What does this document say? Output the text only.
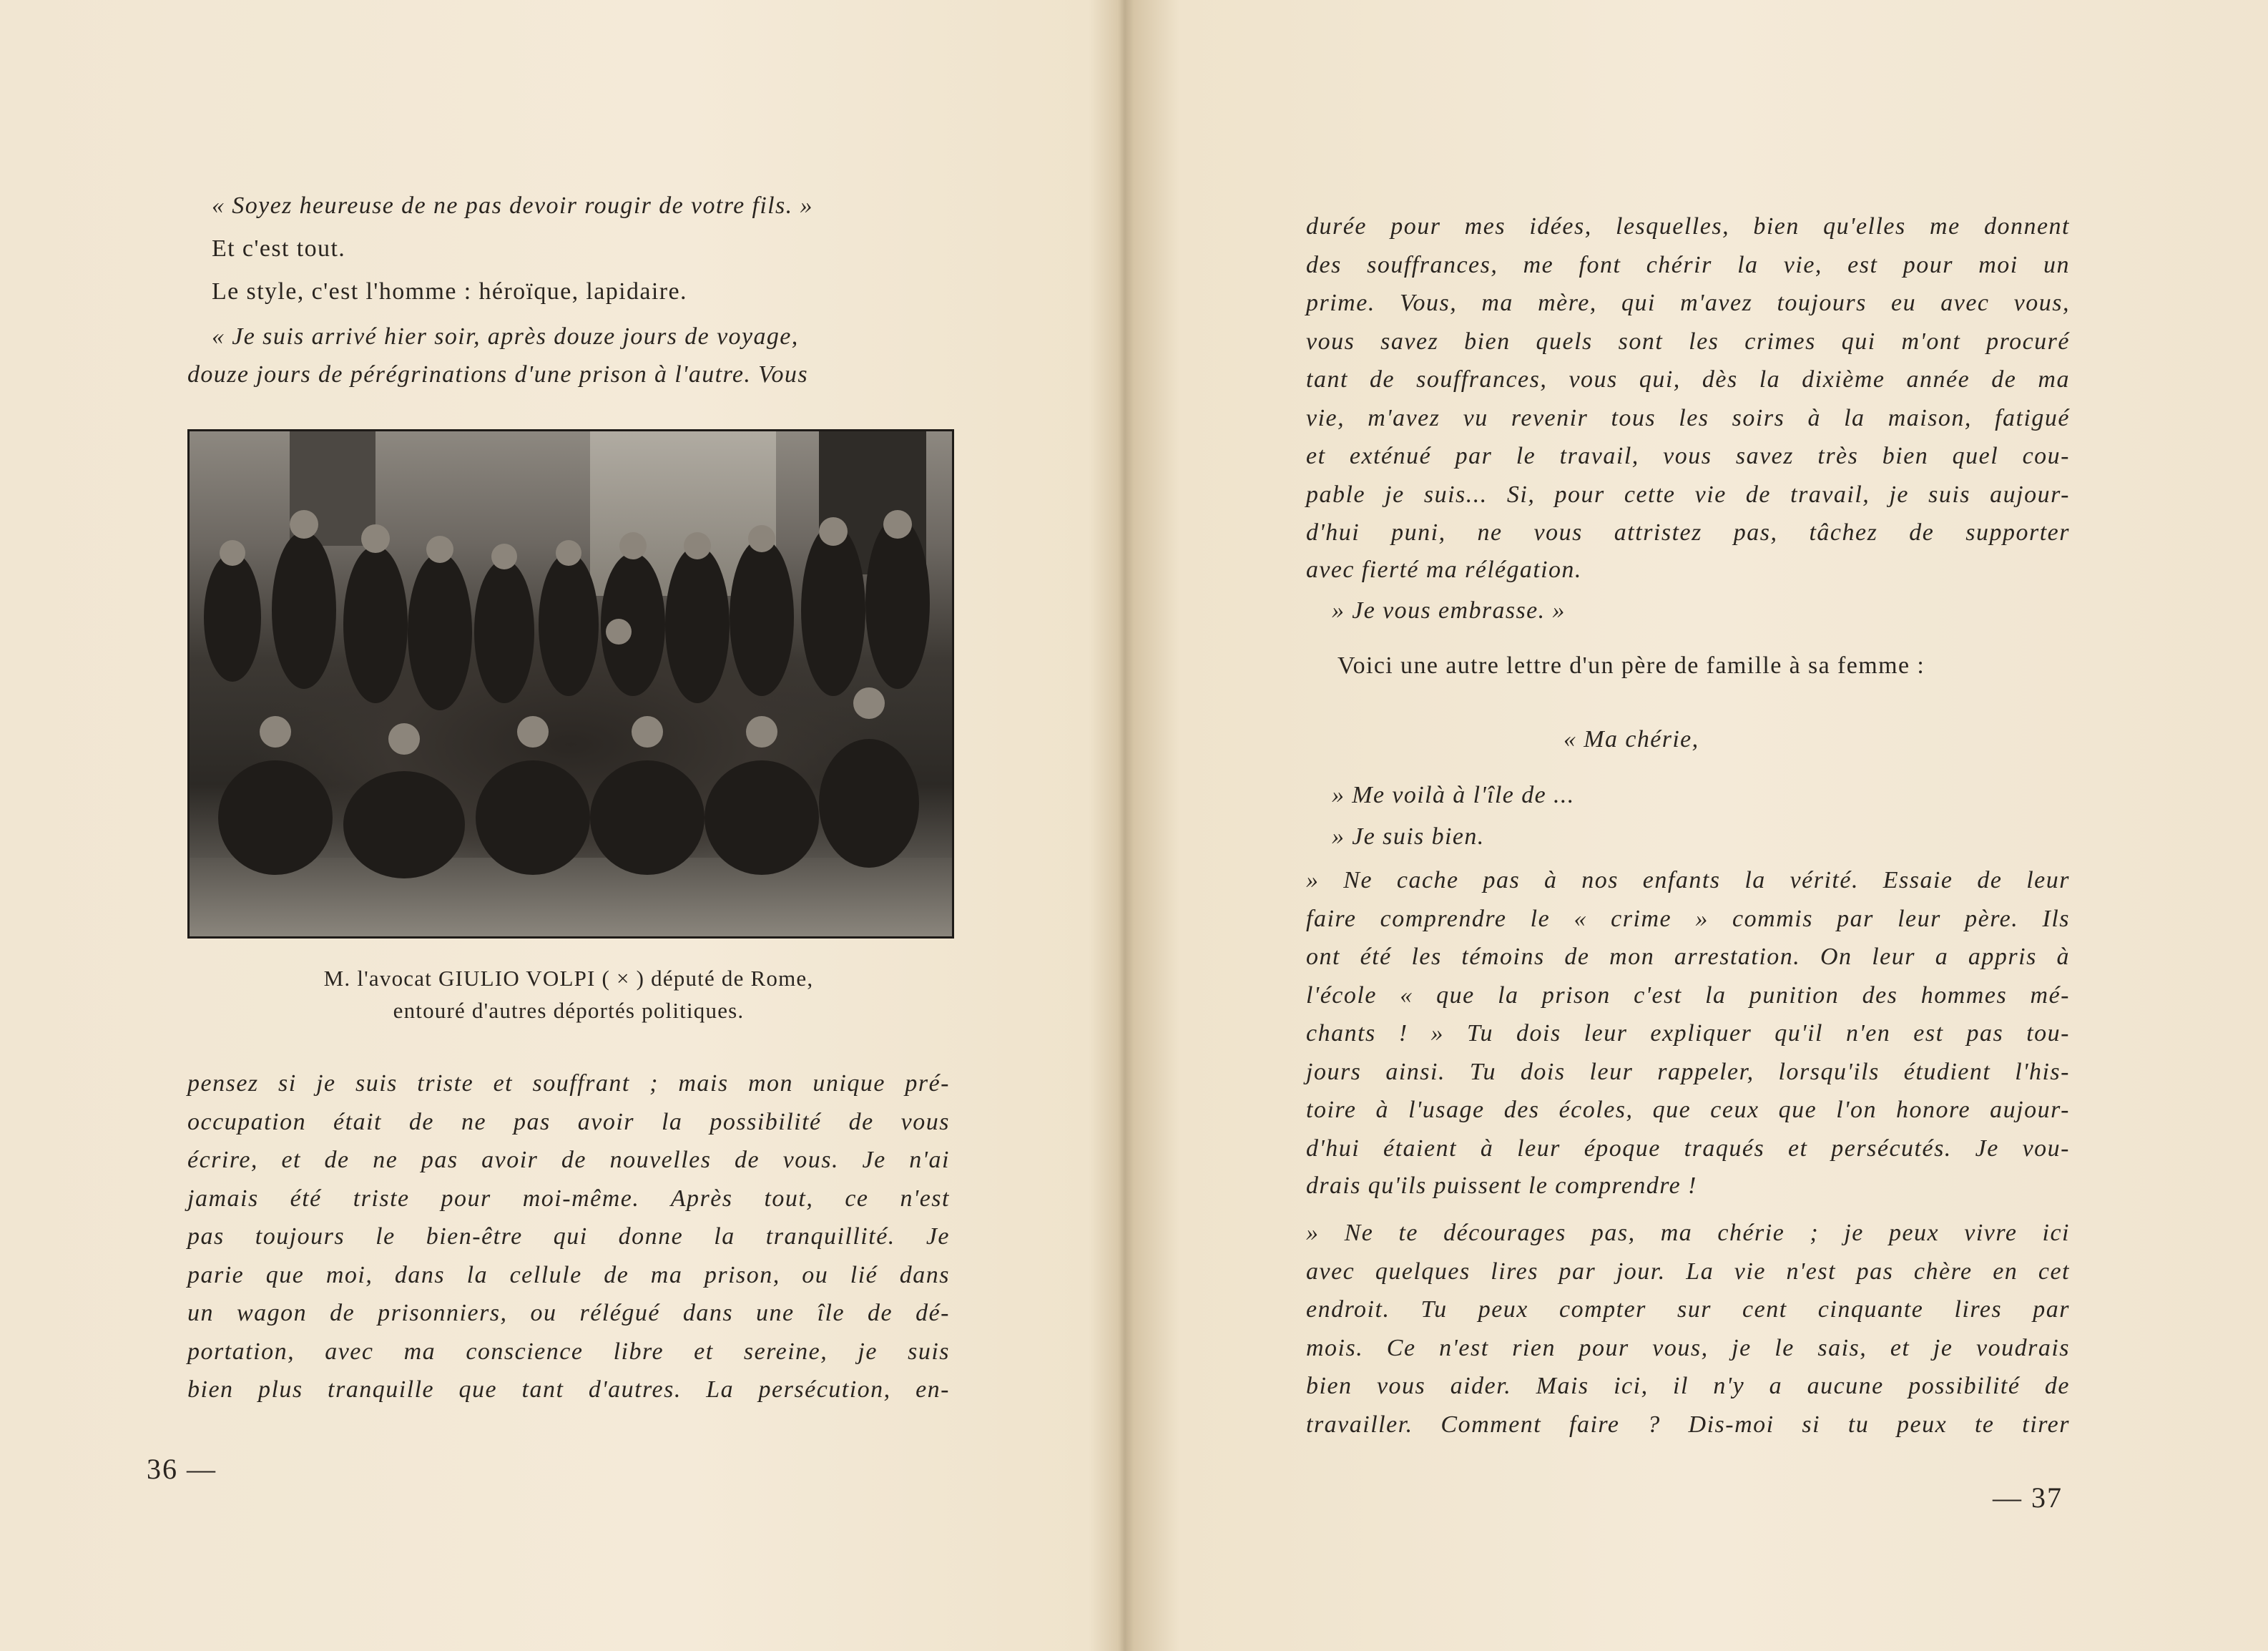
« Soyez heureuse de ne pas devoir rougir de votre fils. »
Et c'est tout.
Le style, c'est l'homme : héroïque, lapidaire.
« Je suis arrivé hier soir, après douze jours de voyage,
douze jours de pérégrinations d'une prison à l'autre. Vous
M. l'avocat GIULIO VOLPI ( × ) député de Rome,
entouré d'autres déportés politiques.
pensez si je suis triste et souffrant ; mais mon unique pré-
occupation était de ne pas avoir la possibilité de vous
écrire, et de ne pas avoir de nouvelles de vous. Je n'ai
jamais été triste pour moi-même. Après tout, ce n'est
pas toujours le bien-être qui donne la tranquillité. Je
parie que moi, dans la cellule de ma prison, ou lié dans
un wagon de prisonniers, ou rélégué dans une île de dé-
portation, avec ma conscience libre et sereine, je suis
bien plus tranquille que tant d'autres. La persécution, en-
36 —
durée pour mes idées, lesquelles, bien qu'elles me donnent
des souffrances, me font chérir la vie, est pour moi un
prime. Vous, ma mère, qui m'avez toujours eu avec vous,
vous savez bien quels sont les crimes qui m'ont procuré
tant de souffrances, vous qui, dès la dixième année de ma
vie, m'avez vu revenir tous les soirs à la maison, fatigué
et exténué par le travail, vous savez très bien quel cou-
pable je suis... Si, pour cette vie de travail, je suis aujour-
d'hui puni, ne vous attristez pas, tâchez de supporter
avec fierté ma rélégation.
» Je vous embrasse. »
Voici une autre lettre d'un père de famille à sa femme :
« Ma chérie,
» Me voilà à l'île de ...
» Je suis bien.
» Ne cache pas à nos enfants la vérité. Essaie de leur
faire comprendre le « crime » commis par leur père. Ils
ont été les témoins de mon arrestation. On leur a appris à
l'école « que la prison c'est la punition des hommes mé-
chants ! » Tu dois leur expliquer qu'il n'en est pas tou-
jours ainsi. Tu dois leur rappeler, lorsqu'ils étudient l'his-
toire à l'usage des écoles, que ceux que l'on honore aujour-
d'hui étaient à leur époque traqués et persécutés. Je vou-
drais qu'ils puissent le comprendre !
» Ne te décourages pas, ma chérie ; je peux vivre ici
avec quelques lires par jour. La vie n'est pas chère en cet
endroit. Tu peux compter sur cent cinquante lires par
mois. Ce n'est rien pour vous, je le sais, et je voudrais
bien vous aider. Mais ici, il n'y a aucune possibilité de
travailler. Comment faire ? Dis-moi si tu peux te tirer
— 37
